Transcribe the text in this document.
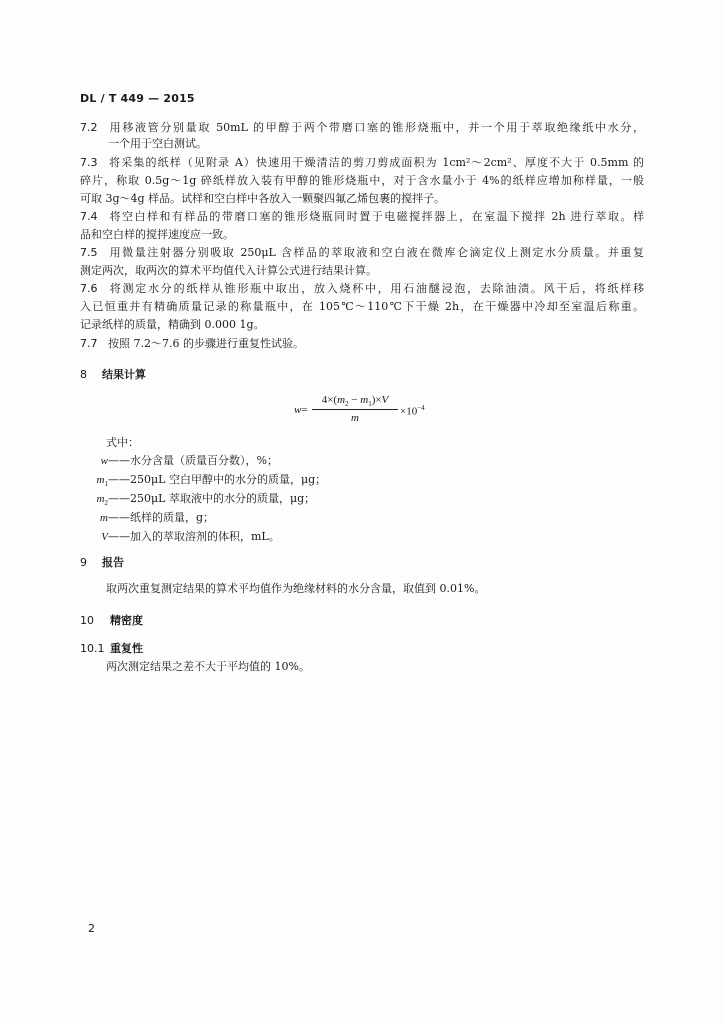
DL / T 449 — 2015
7.2 用移液管分别量取 50mL 的甲醇于两个带磨口塞的锥形烧瓶中，并一个用于萃取绝缘纸中水分，
一个用于空白测试。
7.3 将采集的纸样（见附录 A）快速用干燥清洁的剪刀剪成面积为 1cm²～2cm²、厚度不大于 0.5mm 的
碎片，称取 0.5g～1g 碎纸样放入装有甲醇的锥形烧瓶中，对于含水量小于 4%的纸样应增加称样量，一般
可取 3g～4g 样品。试样和空白样中各放入一颗聚四氟乙烯包裹的搅拌子。
7.4 将空白样和有样品的带磨口塞的锥形烧瓶同时置于电磁搅拌器上，在室温下搅拌 2h 进行萃取。样
品和空白样的搅拌速度应一致。
7.5 用微量注射器分别吸取 250μL 含样品的萃取液和空白液在微库仑滴定仪上测定水分质量。并重复
测定两次，取两次的算术平均值代入计算公式进行结果计算。
7.6 将测定水分的纸样从锥形瓶中取出，放入烧杯中，用石油醚浸泡，去除油渍。风干后，将纸样移
入已恒重并有精确质量记录的称量瓶中，在 105℃～110℃下干燥 2h，在干燥器中冷却至室温后称重。
记录纸样的质量，精确到 0.000 1g。
7.7 按照 7.2～7.6 的步骤进行重复性试验。
8 结果计算
w=
$4\times(m_2 - m_1)\times V$
m
$\times 10^{-4}$
式中：
w——水分含量（质量百分数），%；
$m_1——250\mu L$ 空白甲醇中的水分的质量，μg；
$m_2——250\mu L$ 萃取液中的水分的质量，μg；
m——纸样的质量，g；
V——加入的萃取溶剂的体积，mL。
9 报告
取两次重复测定结果的算术平均值作为绝缘材料的水分含量，取值到 0.01%。
10 精密度
10.1 重复性
两次测定结果之差不大于平均值的 10%。
2
